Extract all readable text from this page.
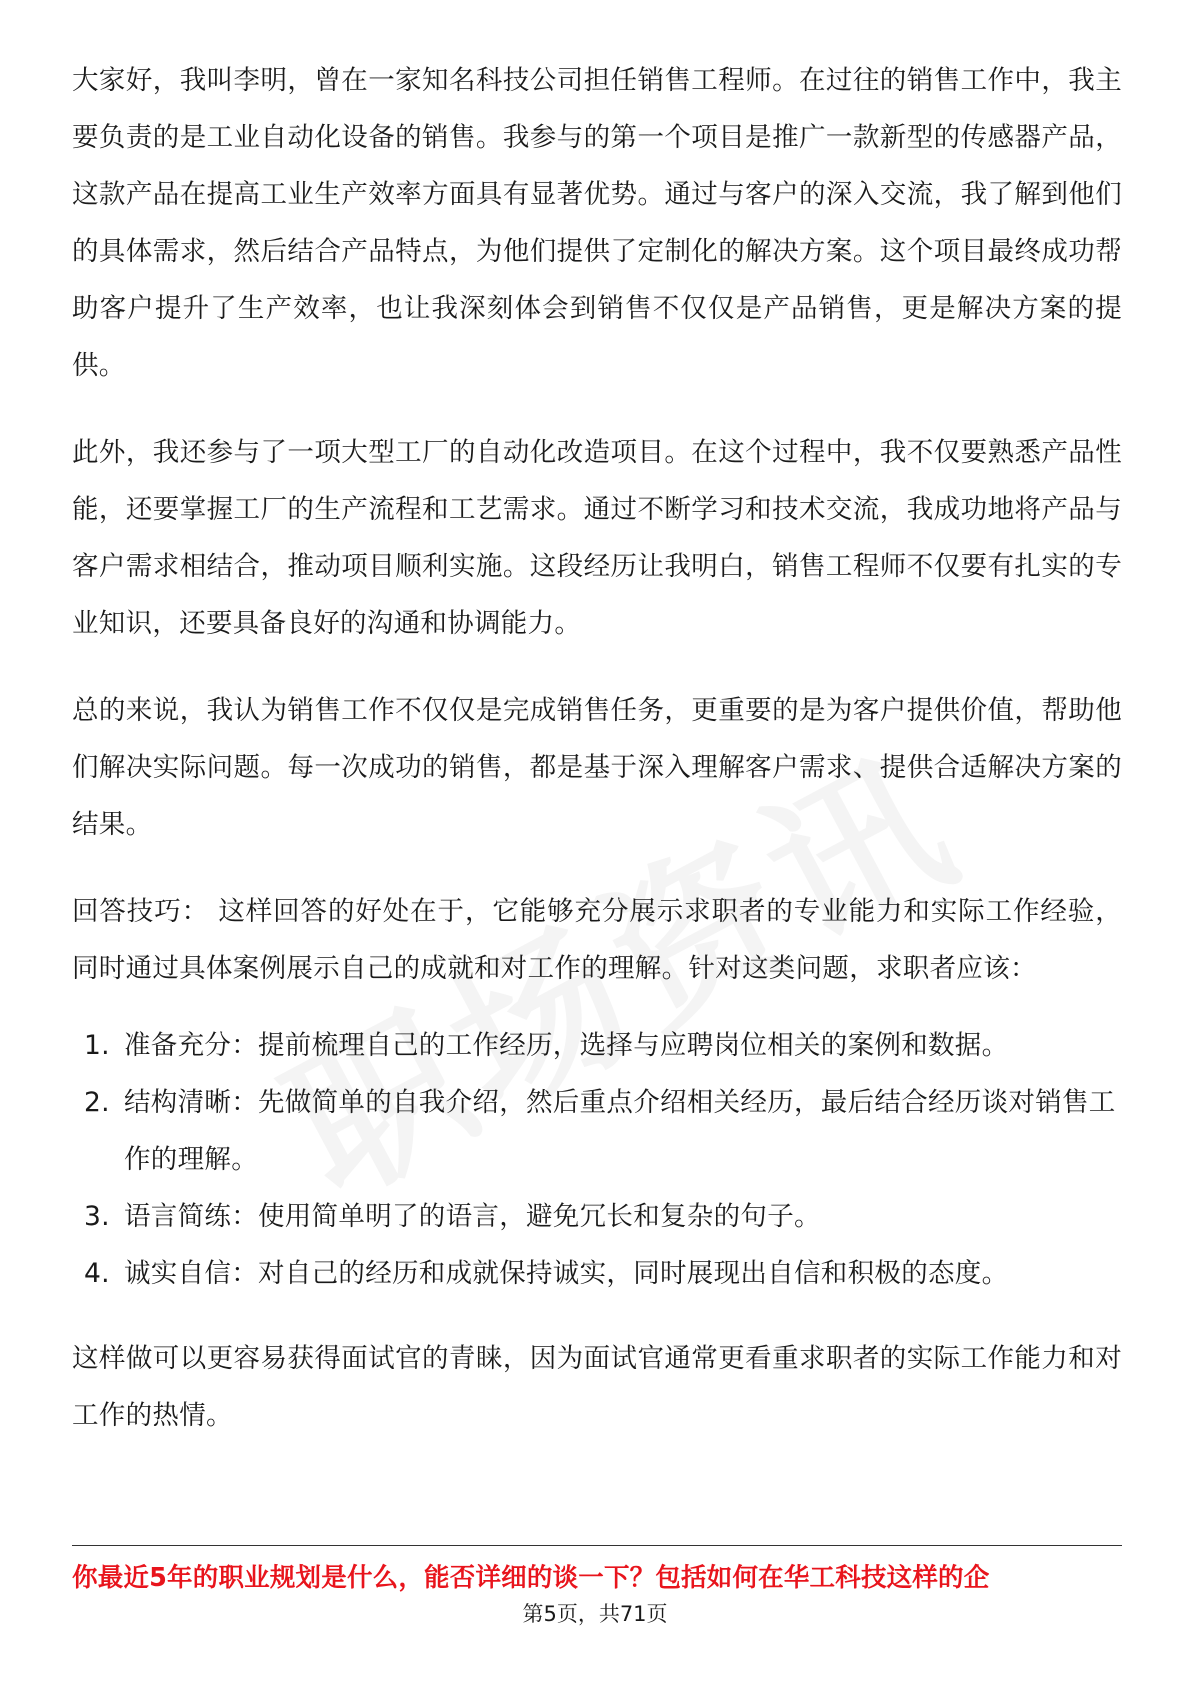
大家好，我叫李明，曾在一家知名科技公司担任销售工程师。在过往的销售工作中，我主要负责的是工业自动化设备的销售。我参与的第一个项目是推广一款新型的传感器产品，这款产品在提高工业生产效率方面具有显著优势。通过与客户的深入交流，我了解到他们的具体需求，然后结合产品特点，为他们提供了定制化的解决方案。这个项目最终成功帮助客户提升了生产效率，也让我深刻体会到销售不仅仅是产品销售，更是解决方案的提供。

此外，我还参与了一项大型工厂的自动化改造项目。在这个过程中，我不仅要熟悉产品性能，还要掌握工厂的生产流程和工艺需求。通过不断学习和技术交流，我成功地将产品与客户需求相结合，推动项目顺利实施。这段经历让我明白，销售工程师不仅要有扎实的专业知识，还要具备良好的沟通和协调能力。

总的来说，我认为销售工作不仅仅是完成销售任务，更重要的是为客户提供价值，帮助他们解决实际问题。每一次成功的销售，都是基于深入理解客户需求、提供合适解决方案的结果。

回答技巧： 这样回答的好处在于，它能够充分展示求职者的专业能力和实际工作经验，同时通过具体案例展示自己的成就和对工作的理解。针对这类问题，求职者应该：

1. 准备充分：提前梳理自己的工作经历，选择与应聘岗位相关的案例和数据。
2. 结构清晰：先做简单的自我介绍，然后重点介绍相关经历，最后结合经历谈对销售工作的理解。
3. 语言简练：使用简单明了的语言，避免冗长和复杂的句子。
4. 诚实自信：对自己的经历和成就保持诚实，同时展现出自信和积极的态度。

这样做可以更容易获得面试官的青睐，因为面试官通常更看重求职者的实际工作能力和对工作的热情。

你最近5年的职业规划是什么，能否详细的谈一下？包括如何在华工科技这样的企
第5页，共71页
